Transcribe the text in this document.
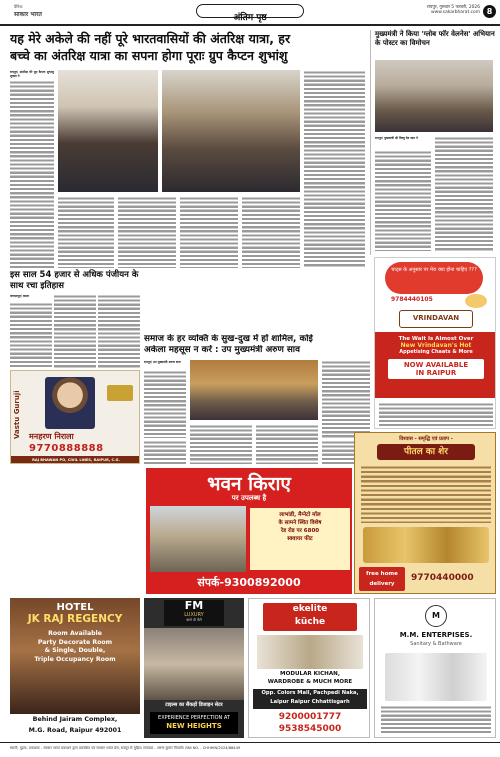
दैनिक
साकार भारत	अंतिम पृष्ठ
रायपुर, गुरुवार 5 फरवरी, 2026
www.sakarbharat.com 8
यह मेरे अकेले की नहीं पूरे भारतवासियों की अंतरिक्ष यात्रा, हर
बच्चे का अंतरिक्ष यात्रा का सपना होगा पूराः ग्रुप कैप्टन शुभांशु
रायपुर/ अंतरिक्ष मेरे ग्रुप कैप्टन शुभांशु शुक्ला ने
मुख्यमंत्री ने किया 'ग्लोब फॉर वेलनेस' अभियान के पोस्टर का विमोचन
रायपुर/ मुख्यमंत्री श्री विष्णु देव साय ने
चाट्स के अनुसार पर मेरा क्या होना चाहिए ???
9784440105
VRINDAVAN
The Wait Is Almost Over
New Vrindavan's Hot
Appetising Chaats & More
NOW AVAILABLE
IN RAIPUR
इस साल 54 हजार से अधिक पंजीयन के साथ रचा इतिहास
जगदलपुर/ बस्तर
Vastu Guruji	मनहरण निराला
9770888888
RAJ BHAWAN PO, CIVIL LINES, RAIPUR, C.G.
समाज के हर व्यक्ति के सुख-दुख में हों शामिल, कोई
अकेला महसूस न करें : उप मुख्यमंत्री अरुण साव
रायपुर/ उप मुख्यमंत्री अरुण साव
भवन किराए
पर उपलब्ध है
लाभांडी, मैग्नेटो मॉल
के सामने स्थित विशेष
रेड रोड पर 6800
स्क्वायर फीट
संपर्क-9300892000
विश्वास - समृद्धि एवं प्रताप -
पीतल का शेर
free home
delivery
9770440000
HOTEL
JK RAJ REGENCY
Room Available
Party Decorate Room
& Single, Double,
Triple Occupancy Room
Behind Jairam Complex,
M.G. Road, Raipur 492001
FM
LUXURY
बांटो दी पेंटी
टाइल्स का सैंकड़ों डिजाइन सेटर
EXPERIENCE PERFECTION AT
NEW HEIGHTS
ekelite
küche
MODULAR KICHAN,
WARDROBE & MUCH MORE
Opp. Colors Mall, Pachpedi Naka,
Lalpur Raipur Chhattisgarh
9200001777
9538545000
M
M.M. ENTERPISES.
Sanitary & Bathware
स्वामी, मुद्रक, प्रकाशक - साकार भारत प्रकाशन द्वारा प्रकाशित एवं साकार भारत प्रेस, रायपुर से मुद्रित। संपादक - अरुण कुमार त्रिपाठी। RNI NO. - CHHHIN/2024/88449
